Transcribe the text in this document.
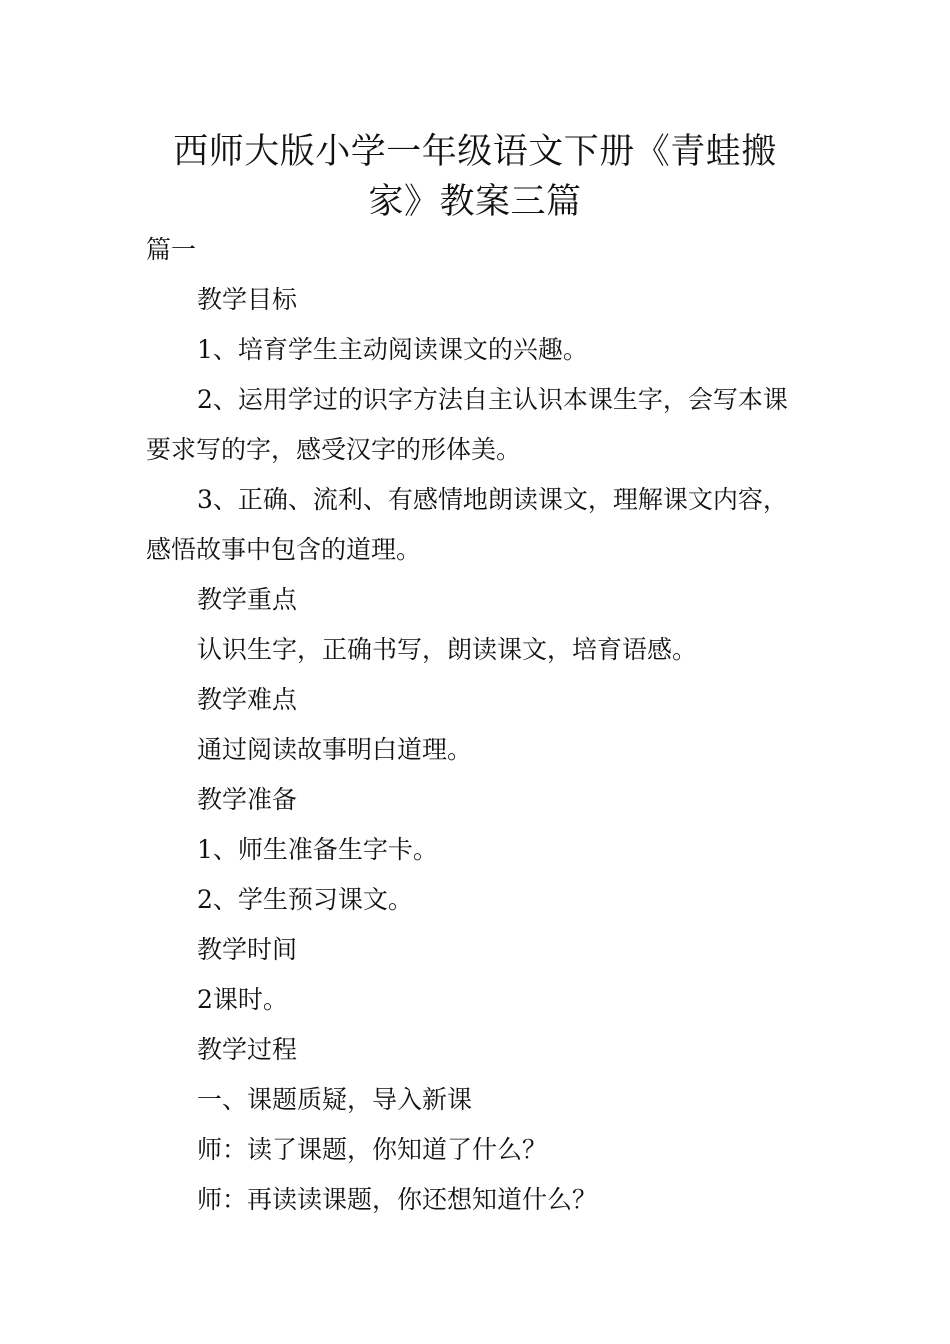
西师大版小学一年级语文下册《青蛙搬
家》教案三篇
篇一
教学目标
1、培育学生主动阅读课文的兴趣。
2、运用学过的识字方法自主认识本课生字，会写本课
要求写的字，感受汉字的形体美。
3、正确、流利、有感情地朗读课文，理解课文内容，
感悟故事中包含的道理。
教学重点
认识生字，正确书写，朗读课文，培育语感。
教学难点
通过阅读故事明白道理。
教学准备
1、师生准备生字卡。
2、学生预习课文。
教学时间
2课时。
教学过程
一、课题质疑，导入新课
师：读了课题，你知道了什么？
师：再读读课题，你还想知道什么？
